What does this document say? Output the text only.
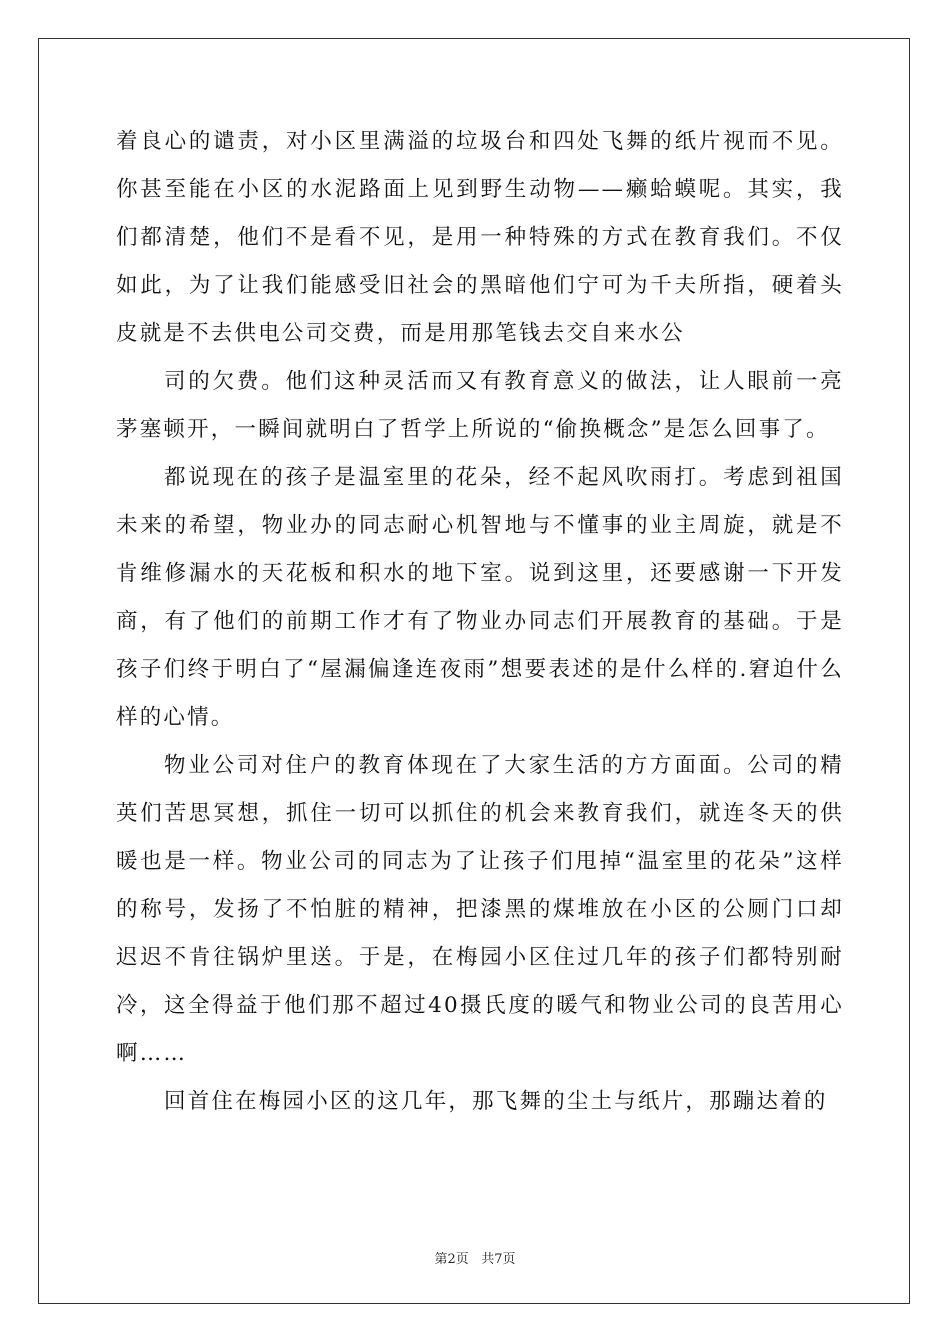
着良心的谴责，对小区里满溢的垃圾台和四处飞舞的纸片视而不见。你甚至能在小区的水泥路面上见到野生动物——癞蛤蟆呢。其实，我们都清楚，他们不是看不见，是用一种特殊的方式在教育我们。不仅如此，为了让我们能感受旧社会的黑暗他们宁可为千夫所指，硬着头皮就是不去供电公司交费，而是用那笔钱去交自来水公

司的欠费。他们这种灵活而又有教育意义的做法，让人眼前一亮茅塞顿开，一瞬间就明白了哲学上所说的“偷换概念”是怎么回事了。

都说现在的孩子是温室里的花朵，经不起风吹雨打。考虑到祖国未来的希望，物业办的同志耐心机智地与不懂事的业主周旋，就是不肯维修漏水的天花板和积水的地下室。说到这里，还要感谢一下开发商，有了他们的前期工作才有了物业办同志们开展教育的基础。于是孩子们终于明白了“屋漏偏逢连夜雨”想要表述的是什么样的.窘迫什么样的心情。

物业公司对住户的教育体现在了大家生活的方方面面。公司的精英们苦思冥想，抓住一切可以抓住的机会来教育我们，就连冬天的供暖也是一样。物业公司的同志为了让孩子们甩掉“温室里的花朵”这样的称号，发扬了不怕脏的精神，把漆黑的煤堆放在小区的公厕门口却迟迟不肯往锅炉里送。于是，在梅园小区住过几年的孩子们都特别耐冷，这全得益于他们那不超过40摄氏度的暖气和物业公司的良苦用心啊……

回首住在梅园小区的这几年，那飞舞的尘土与纸片，那蹦达着的

第2页 共7页
